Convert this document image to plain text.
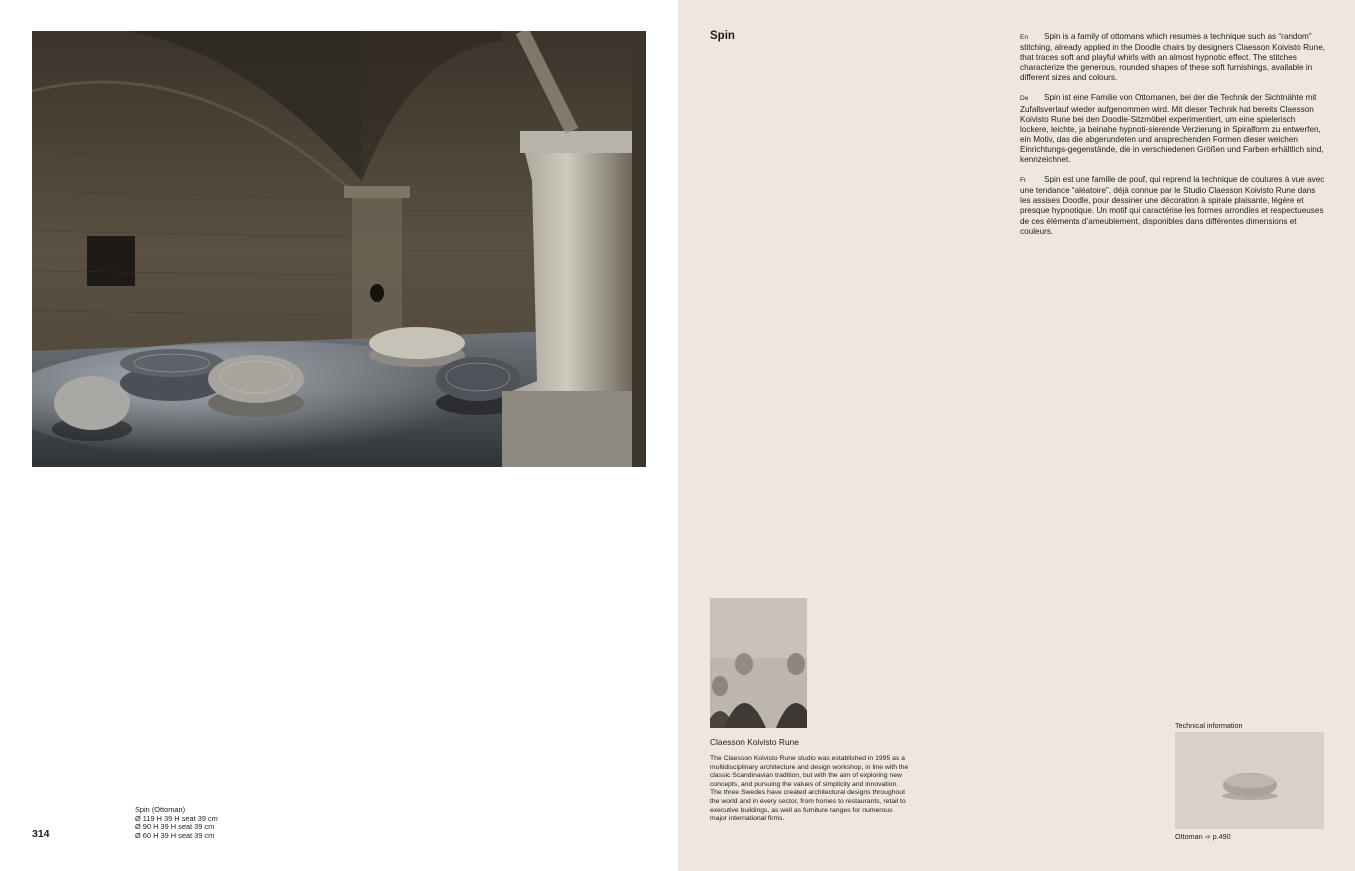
Spin (Ottoman)
Ø 119 H 39 H seat 39 cm
Ø 90 H 39 H seat 39 cm
Ø 60 H 39 H seat 39 cm
314
Spin	En Spin is a family of ottomans which resumes a technique such as “random” stitching, already applied in the Doodle chairs by designers Claesson Koivisto Rune, that traces soft and playful whirls with an almost hypnotic effect. The stitches characterize the generous, rounded shapes of these soft furnishings, available in different sizes and colours.

De Spin ist eine Familie von Ottomanen, bei der die Technik der Sichtnähte mit Zufallsverlauf wieder aufgenommen wird. Mit dieser Technik hat bereits Claesson Koivisto Rune bei den Doodle-Sitzmöbel experimentiert, um eine spielerisch lockere, leichte, ja beinahe hypnoti-sierende Verzierung in Spiralform zu entwerfen, ein Motiv, das die abgerundeten und ansprechenden Formen dieser weichen Einrichtungs-gegenstände, die in verschiedenen Größen und Farben erhältlich sind, kennzeichnet.

Fr Spin est une famille de pouf, qui reprend la technique de coutures à vue avec une tendance “aléatoire”, déjà connue par le Studio Claesson Koivisto Rune dans les assises Doodle, pour dessiner une décoration à spirale plaisante, légère et presque hypnotique. Un motif qui caractérise les formes arrondies et respectueuses de ces éléments d’ameublement, disponibles dans différentes dimensions et couleurs.

Claesson Koivisto Rune
The Claesson Koivisto Rune studio was established in 1995 as a multidisciplinary architecture and design workshop, in line with the classic Scandinavian tradition, but with the aim of exploring new concepts, and pursuing the values of simplicity and innovation. The three Swedes have created architectural designs throughout the world and in every sector, from homes to restaurants, retail to executive buildings, as well as furniture ranges for numerous major international firms.
Technical information
Ottoman ➩ p.490
